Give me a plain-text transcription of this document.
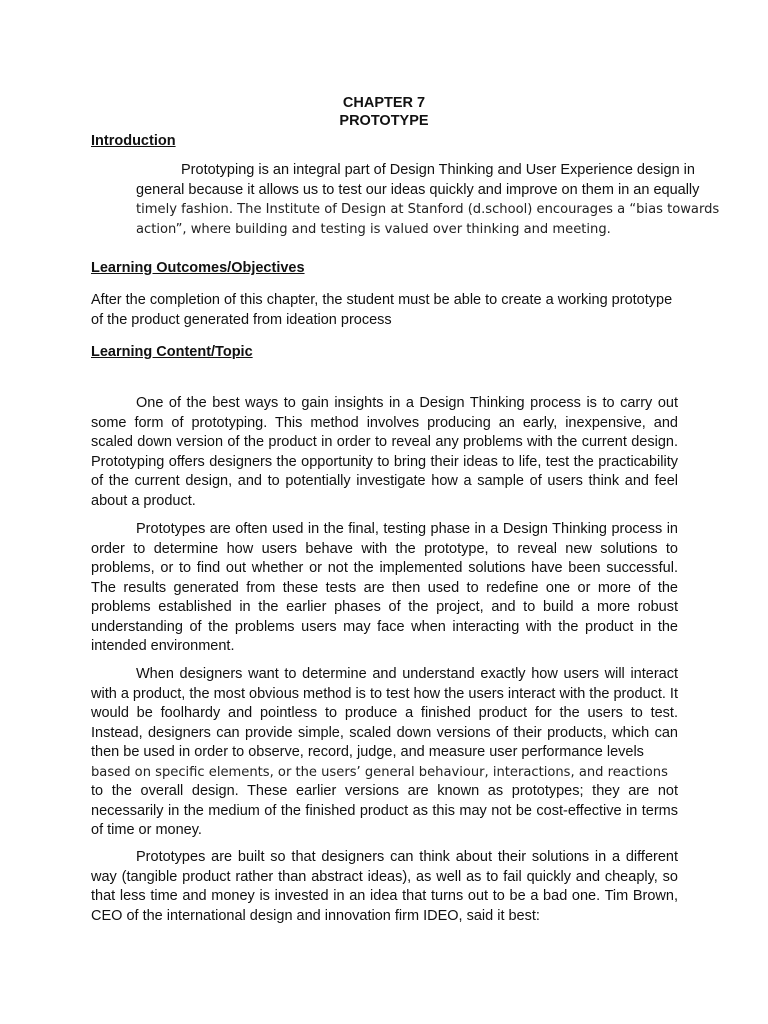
CHAPTER 7
PROTOTYPE
Introduction
Prototyping is an integral part of Design Thinking and User Experience design in
general because it allows us to test our ideas quickly and improve on them in an equally
timely fashion. The Institute of Design at Stanford (d.school) encourages a “bias towards
action”, where building and testing is valued over thinking and meeting.
Learning Outcomes/Objectives

After the completion of this chapter, the student must be able to create a working prototype of the product generated from ideation process

Learning Content/Topic

One of the best ways to gain insights in a Design Thinking process is to carry out some form of prototyping. This method involves producing an early, inexpensive, and scaled down version of the product in order to reveal any problems with the current design. Prototyping offers designers the opportunity to bring their ideas to life, test the practicability of the current design, and to potentially investigate how a sample of users think and feel about a product.

Prototypes are often used in the final, testing phase in a Design Thinking process in order to determine how users behave with the prototype, to reveal new solutions to problems, or to find out whether or not the implemented solutions have been successful. The results generated from these tests are then used to redefine one or more of the problems established in the earlier phases of the project, and to build a more robust understanding of the problems users may face when interacting with the product in the intended environment.

When designers want to determine and understand exactly how users will interact with a product, the most obvious method is to test how the users interact with the product. It would be foolhardy and pointless to produce a finished product for the users to test. Instead, designers can provide simple, scaled down versions of their products, which can then be used in order to observe, record, judge, and measure user performance levels
based on specific elements, or the users’ general behaviour, interactions, and reactions
to the overall design. These earlier versions are known as prototypes; they are not necessarily in the medium of the finished product as this may not be cost-effective in terms of time or money.

Prototypes are built so that designers can think about their solutions in a different way (tangible product rather than abstract ideas), as well as to fail quickly and cheaply, so that less time and money is invested in an idea that turns out to be a bad one. Tim Brown, CEO of the international design and innovation firm IDEO, said it best:
